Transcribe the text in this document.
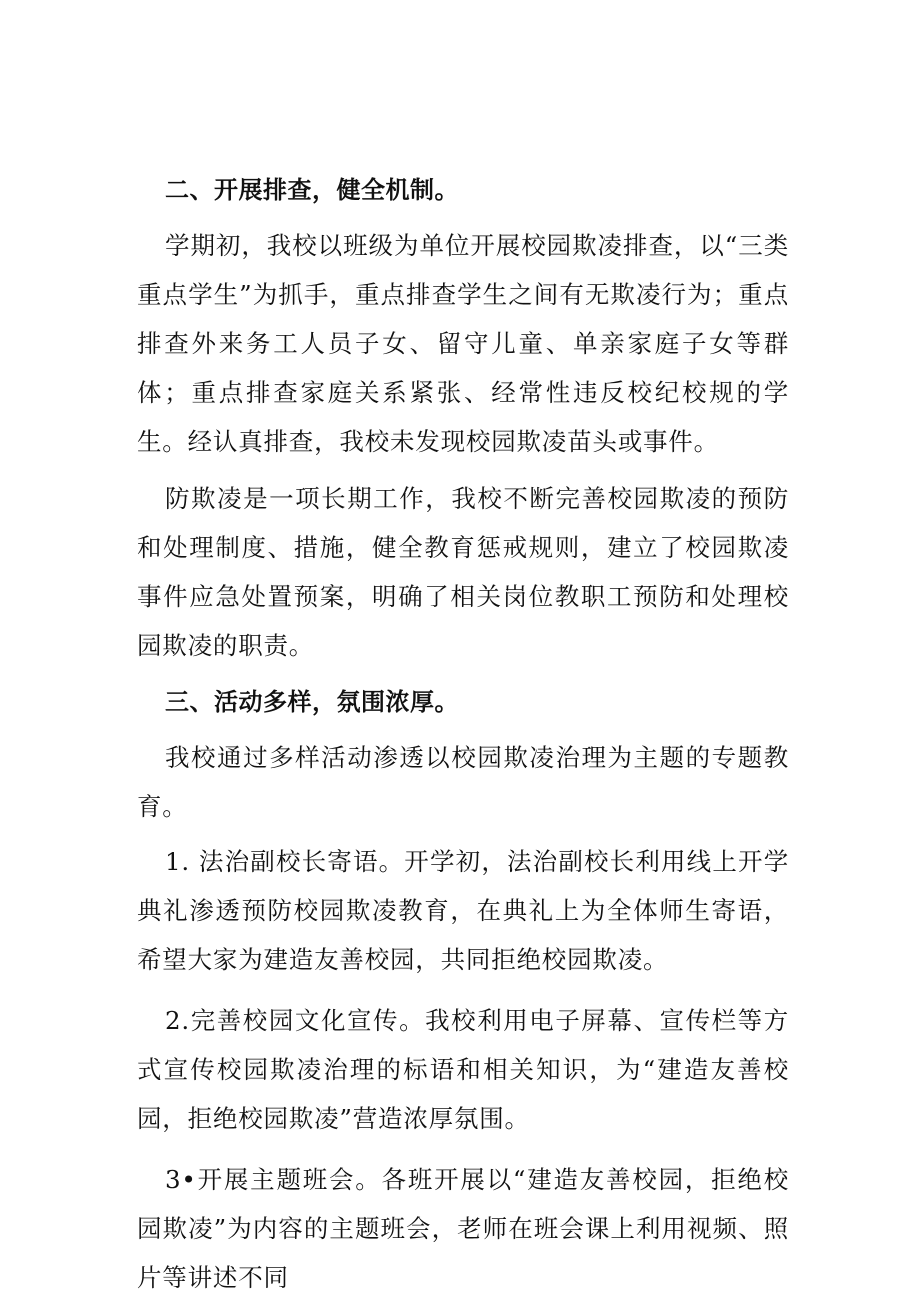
二、开展排查，健全机制。

学期初，我校以班级为单位开展校园欺凌排查，以“三类重点学生”为抓手，重点排查学生之间有无欺凌行为；重点排查外来务工人员子女、留守儿童、单亲家庭子女等群体；重点排查家庭关系紧张、经常性违反校纪校规的学生。经认真排查，我校未发现校园欺凌苗头或事件。

防欺凌是一项长期工作，我校不断完善校园欺凌的预防和处理制度、措施，健全教育惩戒规则，建立了校园欺凌事件应急处置预案，明确了相关岗位教职工预防和处理校园欺凌的职责。

三、活动多样，氛围浓厚。

我校通过多样活动渗透以校园欺凌治理为主题的专题教育。

1. 法治副校长寄语。开学初，法治副校长利用线上开学典礼渗透预防校园欺凌教育，在典礼上为全体师生寄语，希望大家为建造友善校园，共同拒绝校园欺凌。

2.完善校园文化宣传。我校利用电子屏幕、宣传栏等方式宣传校园欺凌治理的标语和相关知识，为“建造友善校园，拒绝校园欺凌”营造浓厚氛围。

3•开展主题班会。各班开展以“建造友善校园，拒绝校园欺凌”为内容的主题班会，老师在班会课上利用视频、照片等讲述不同
